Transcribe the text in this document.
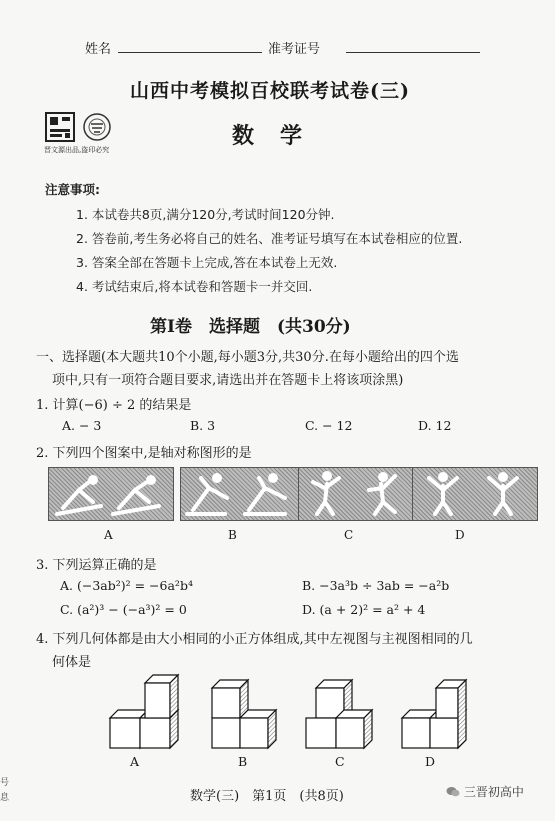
姓名	准考证号
山西中考模拟百校联考试卷(三)
晋文源出品,盗印必究
数学
注意事项:
1. 本试卷共8页,满分120分,考试时间120分钟.
2. 答卷前,考生务必将自己的姓名、准考证号填写在本试卷相应的位置.
3. 答案全部在答题卡上完成,答在本试卷上无效.
4. 考试结束后,将本试卷和答题卡一并交回.
第Ⅰ卷　选择题　(共30分)
一、选择题(本大题共10个小题,每小题3分,共30分.在每小题给出的四个选
项中,只有一项符合题目要求,请选出并在答题卡上将该项涂黑)
1. 计算(−6) ÷ 2 的结果是
A. − 3	B. 3	C. − 12	D. 12
2. 下列四个图案中,是轴对称图形的是
A	B	C	D
3. 下列运算正确的是
A. (−3ab²)² = −6a²b⁴	B. −3a³b ÷ 3ab = −a²b
C. (a²)³ − (−a³)² = 0	D. (a + 2)² = a² + 4
4. 下列几何体都是由大小相同的小正方体组成,其中左视图与主视图相同的几
何体是
A	B	C	D
数学(三)　第1页　(共8页)	三晋初高中
号
息
